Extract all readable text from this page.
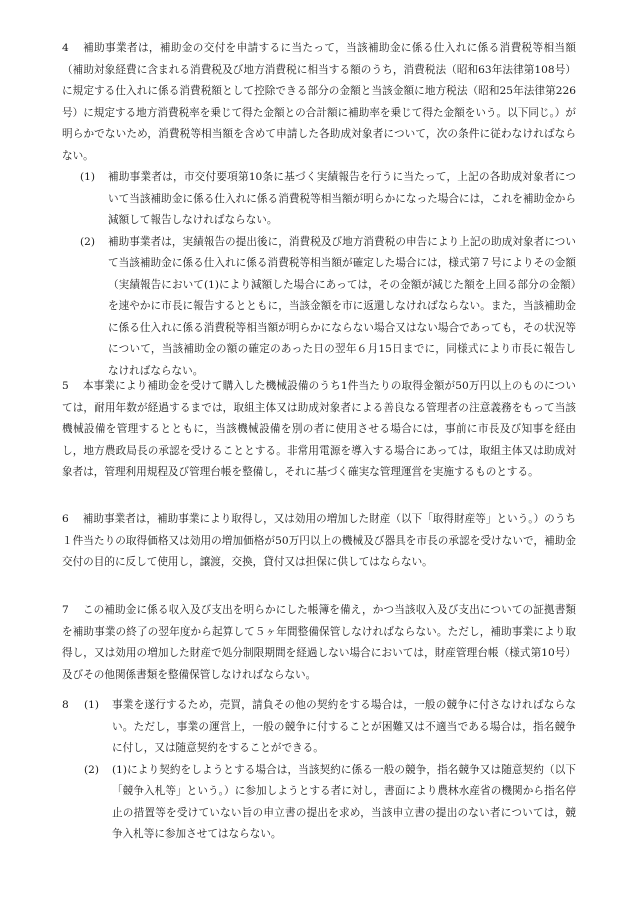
4 補助事業者は，補助金の交付を申請するに当たって，当該補助金に係る仕入れに係る消費税等相当額（補助対象経費に含まれる消費税及び地方消費税に相当する額のうち，消費税法（昭和63年法律第108号）に規定する仕入れに係る消費税額として控除できる部分の金額と当該金額に地方税法（昭和25年法律第226号）に規定する地方消費税率を乗じて得た金額との合計額に補助率を乗じて得た金額をいう。以下同じ。）が明らかでないため，消費税等相当額を含めて申請した各助成対象者について，次の条件に従わなければならない。

(1)	補助事業者は，市交付要項第10条に基づく実績報告を行うに当たって，上記の各助成対象者について当該補助金に係る仕入れに係る消費税等相当額が明らかになった場合には，これを補助金から減額して報告しなければならない。
(2)	補助事業者は，実績報告の提出後に，消費税及び地方消費税の申告により上記の助成対象者について当該補助金に係る仕入れに係る消費税等相当額が確定した場合には，様式第７号によりその金額（実績報告において(1)により減額した場合にあっては，その金額が減じた額を上回る部分の金額）を速やかに市長に報告するとともに，当該金額を市に返還しなければならない。また，当該補助金に係る仕入れに係る消費税等相当額が明らかにならない場合又はない場合であっても，その状況等について，当該補助金の額の確定のあった日の翌年６月15日までに，同様式により市長に報告しなければならない。

5 本事業により補助金を受けて購入した機械設備のうち1件当たりの取得金額が50万円以上のものについては，耐用年数が経過するまでは，取組主体又は助成対象者による善良なる管理者の注意義務をもって当該機械設備を管理するとともに，当該機械設備を別の者に使用させる場合には，事前に市長及び知事を経由し，地方農政局長の承認を受けることとする。非常用電源を導入する場合にあっては，取組主体又は助成対象者は，管理利用規程及び管理台帳を整備し，それに基づく確実な管理運営を実施するものとする。

6 補助事業者は，補助事業により取得し，又は効用の増加した財産（以下「取得財産等」という。）のうち１件当たりの取得価格又は効用の増加価格が50万円以上の機械及び器具を市長の承認を受けないで，補助金交付の目的に反して使用し，譲渡，交換，貸付又は担保に供してはならない。

7 この補助金に係る収入及び支出を明らかにした帳簿を備え，かつ当該収入及び支出についての証拠書類を補助事業の終了の翌年度から起算して５ヶ年間整備保管しなければならない。ただし，補助事業により取得し，又は効用の増加した財産で処分制限期間を経過しない場合においては，財産管理台帳（様式第10号）及びその他関係書類を整備保管しなければならない。

8	(1)	事業を遂行するため，売買，請負その他の契約をする場合は，一般の競争に付さなければならない。ただし，事業の運営上，一般の競争に付することが困難又は不適当である場合は，指名競争に付し，又は随意契約をすることができる。
(2)	(1)により契約をしようとする場合は，当該契約に係る一般の競争，指名競争又は随意契約（以下「競争入札等」という。）に参加しようとする者に対し，書面により農林水産省の機関から指名停止の措置等を受けていない旨の申立書の提出を求め，当該申立書の提出のない者については，競争入札等に参加させてはならない。
